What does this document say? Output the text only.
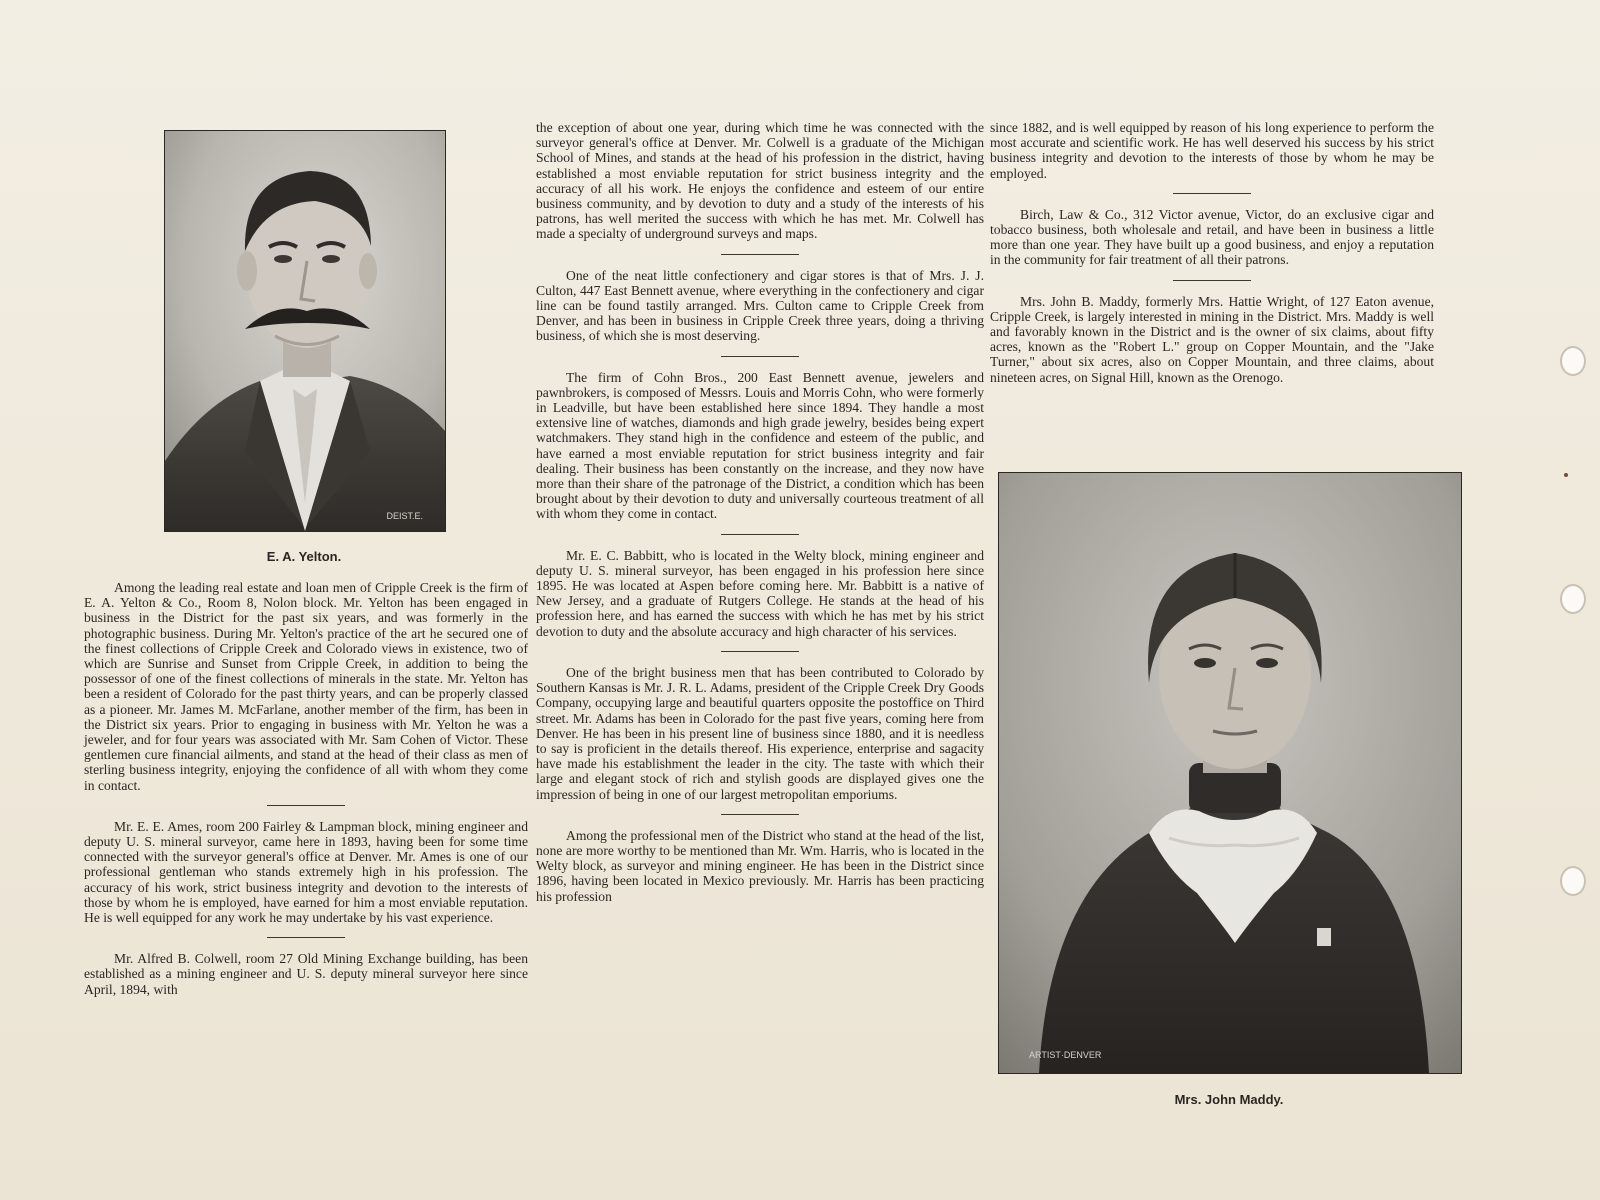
DEIST.E.
E. A. Yelton.

Among the leading real estate and loan men of Cripple Creek is the firm of E. A. Yelton & Co., Room 8, Nolon block. Mr. Yelton has been engaged in business in the District for the past six years, and was formerly in the photographic business. During Mr. Yelton's practice of the art he secured one of the finest collections of Cripple Creek and Colorado views in existence, two of which are Sunrise and Sunset from Cripple Creek, in addition to being the possessor of one of the finest collections of minerals in the state. Mr. Yelton has been a resident of Colorado for the past thirty years, and can be properly classed as a pioneer. Mr. James M. McFarlane, another member of the firm, has been in the District six years. Prior to engaging in business with Mr. Yelton he was a jeweler, and for four years was associated with Mr. Sam Cohen of Victor. These gentlemen cure financial ailments, and stand at the head of their class as men of sterling business integrity, enjoying the confidence of all with whom they come in contact.

Mr. E. E. Ames, room 200 Fairley & Lampman block, mining engineer and deputy U. S. mineral surveyor, came here in 1893, having been for some time connected with the surveyor general's office at Denver. Mr. Ames is one of our professional gentleman who stands extremely high in his profession. The accuracy of his work, strict business integrity and devotion to the interests of those by whom he is employed, have earned for him a most enviable reputation. He is well equipped for any work he may undertake by his vast experience.

Mr. Alfred B. Colwell, room 27 Old Mining Exchange building, has been established as a mining engineer and U. S. deputy mineral surveyor here since April, 1894, with

the exception of about one year, during which time he was connected with the surveyor general's office at Denver. Mr. Colwell is a graduate of the Michigan School of Mines, and stands at the head of his profession in the district, having established a most enviable reputation for strict business integrity and the accuracy of all his work. He enjoys the confidence and esteem of our entire business community, and by devotion to duty and a study of the interests of his patrons, has well merited the success with which he has met. Mr. Colwell has made a specialty of underground surveys and maps.

One of the neat little confectionery and cigar stores is that of Mrs. J. J. Culton, 447 East Bennett avenue, where everything in the confectionery and cigar line can be found tastily arranged. Mrs. Culton came to Cripple Creek from Denver, and has been in business in Cripple Creek three years, doing a thriving business, of which she is most deserving.

The firm of Cohn Bros., 200 East Bennett avenue, jewelers and pawnbrokers, is composed of Messrs. Louis and Morris Cohn, who were formerly in Leadville, but have been established here since 1894. They handle a most extensive line of watches, diamonds and high grade jewelry, besides being expert watchmakers. They stand high in the confidence and esteem of the public, and have earned a most enviable reputation for strict business integrity and fair dealing. Their business has been constantly on the increase, and they now have more than their share of the patronage of the District, a condition which has been brought about by their devotion to duty and universally courteous treatment of all with whom they come in contact.

Mr. E. C. Babbitt, who is located in the Welty block, mining engineer and deputy U. S. mineral surveyor, has been engaged in his profession here since 1895. He was located at Aspen before coming here. Mr. Babbitt is a native of New Jersey, and a graduate of Rutgers College. He stands at the head of his profession here, and has earned the success with which he has met by his strict devotion to duty and the absolute accuracy and high character of his services.

One of the bright business men that has been contributed to Colorado by Southern Kansas is Mr. J. R. L. Adams, president of the Cripple Creek Dry Goods Company, occupying large and beautiful quarters opposite the postoffice on Third street. Mr. Adams has been in Colorado for the past five years, coming here from Denver. He has been in his present line of business since 1880, and it is needless to say is proficient in the details thereof. His experience, enterprise and sagacity have made his establishment the leader in the city. The taste with which their large and elegant stock of rich and stylish goods are displayed gives one the impression of being in one of our largest metropolitan emporiums.

Among the professional men of the District who stand at the head of the list, none are more worthy to be mentioned than Mr. Wm. Harris, who is located in the Welty block, as surveyor and mining engineer. He has been in the District since 1896, having been located in Mexico previously. Mr. Harris has been practicing his profession

since 1882, and is well equipped by reason of his long experience to perform the most accurate and scientific work. He has well deserved his success by his strict business integrity and devotion to the interests of those by whom he may be employed.

Birch, Law & Co., 312 Victor avenue, Victor, do an exclusive cigar and tobacco business, both wholesale and retail, and have been in business a little more than one year. They have built up a good business, and enjoy a reputation in the community for fair treatment of all their patrons.

Mrs. John B. Maddy, formerly Mrs. Hattie Wright, of 127 Eaton avenue, Cripple Creek, is largely interested in mining in the District. Mrs. Maddy is well and favorably known in the District and is the owner of six claims, about fifty acres, known as the "Robert L." group on Copper Mountain, and the "Jake Turner," about six acres, also on Copper Mountain, and three claims, about nineteen acres, on Signal Hill, known as the Orenogo.

ARTIST·DENVER
Mrs. John Maddy.
